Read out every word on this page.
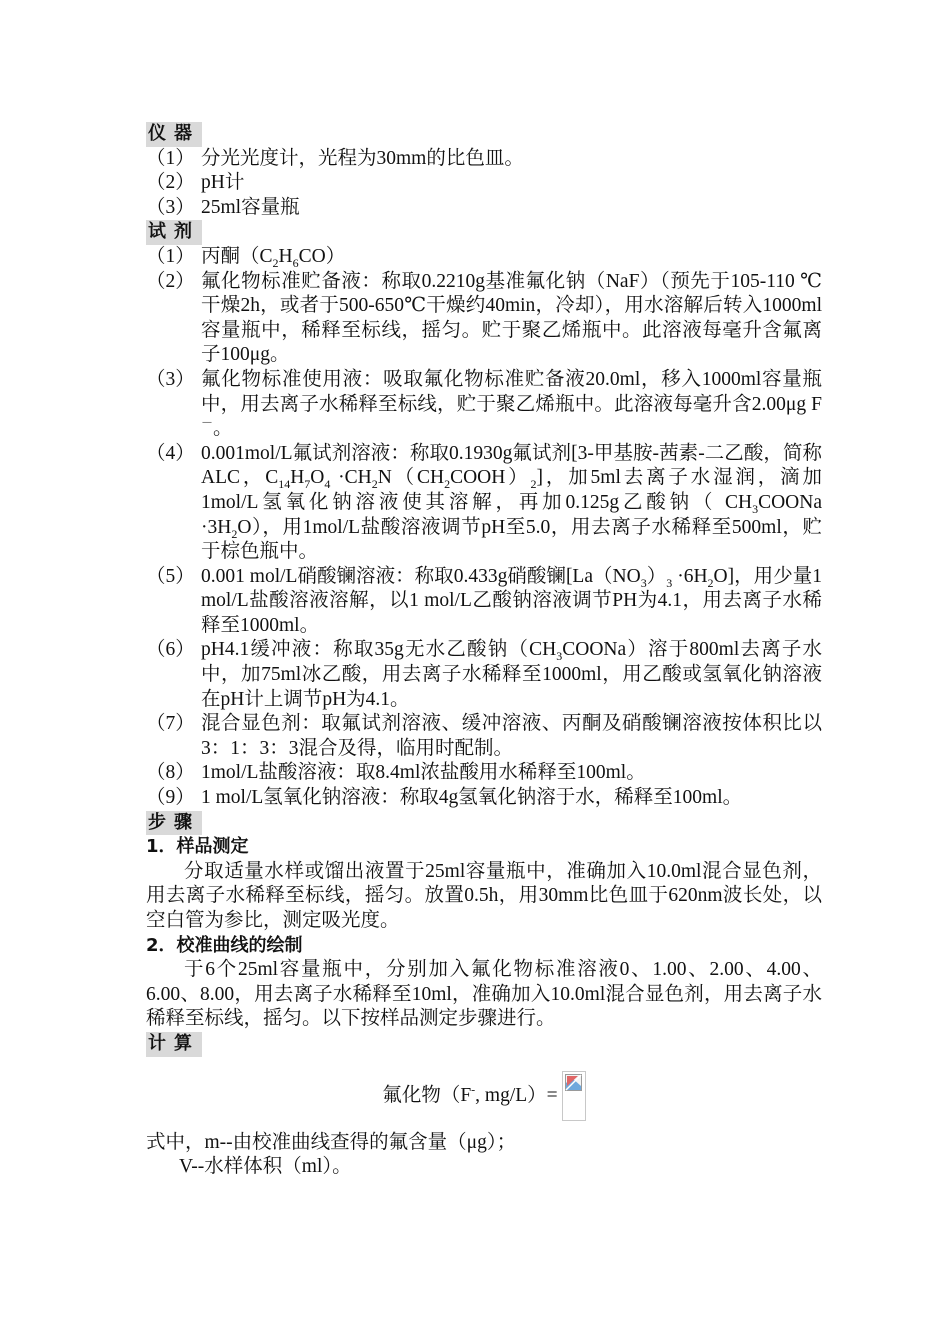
仪器
（1） 分光光度计，光程为30mm的比色皿。
（2） pH计
（3） 25ml容量瓶
试剂
（1） 丙酮$(C_2H_6CO)$
（2） 氟化物标准贮备液：称取0.2210g基准氟化钠（NaF）（预先于105-110 ℃干燥2h，或者于500-650℃干燥约40min，冷却），用水溶解后转入1000ml容量瓶中，稀释至标线，摇匀。贮于聚乙烯瓶中。此溶液每毫升含氟离子100μg。
（3） 氟化物标准使用液：吸取氟化物标准贮备液20.0ml，移入1000ml容量瓶中，用去离子水稀释至标线，贮于聚乙烯瓶中。此溶液每毫升含2.00μg F－。
（4） 0.001mol/L氟试剂溶液：称取0.1930g氟试剂[3-甲基胺-茜素-二乙酸，简称ALC，$C_{14}H_7O_4$ $\cdot CH_2N(CH_2COOH)_2$]，加5ml去离子水湿润，滴加1mol/L氢氧化钠溶液使其溶解，再加0.125g乙酸钠（ $CH_3COONa \cdot 3H_2O$），用1mol/L盐酸溶液调节pH至5.0，用去离子水稀释至500ml，贮于棕色瓶中。
（5） 0.001 mol/L硝酸镧溶液：称取0.433g硝酸镧$[La(NO_3)_3 \cdot 6H_2O]$，用少量1 mol/L盐酸溶液溶解，以1 mol/L乙酸钠溶液调节PH为4.1，用去离子水稀释至1000ml。
（6） pH4.1缓冲液：称取35g无水乙酸钠$(CH_3COONa)$溶于800ml去离子水中，加75ml冰乙酸，用去离子水稀释至1000ml，用乙酸或氢氧化钠溶液在pH计上调节pH为4.1。
（7） 混合显色剂：取氟试剂溶液、缓冲溶液、丙酮及硝酸镧溶液按体积比以3：1：3：3混合及得，临用时配制。
（8） 1mol/L盐酸溶液：取8.4ml浓盐酸用水稀释至100ml。
（9） 1 mol/L氢氧化钠溶液：称取4g氢氧化钠溶于水，稀释至100ml。
步骤
1．样品测定
分取适量水样或馏出液置于25ml容量瓶中，准确加入10.0ml混合显色剂，用去离子水稀释至标线，摇匀。放置0.5h，用30mm比色皿于620nm波长处，以空白管为参比，测定吸光度。
2．校准曲线的绘制
于6个25ml容量瓶中，分别加入氟化物标准溶液0、1.00、2.00、4.00、6.00、8.00，用去离子水稀释至10ml，准确加入10.0ml混合显色剂，用去离子水稀释至标线，摇匀。以下按样品测定步骤进行。
计算
氟化物（F-, mg/L）=
式中，m--由校准曲线查得的氟含量（μg）；
V--水样体积（ml）。
